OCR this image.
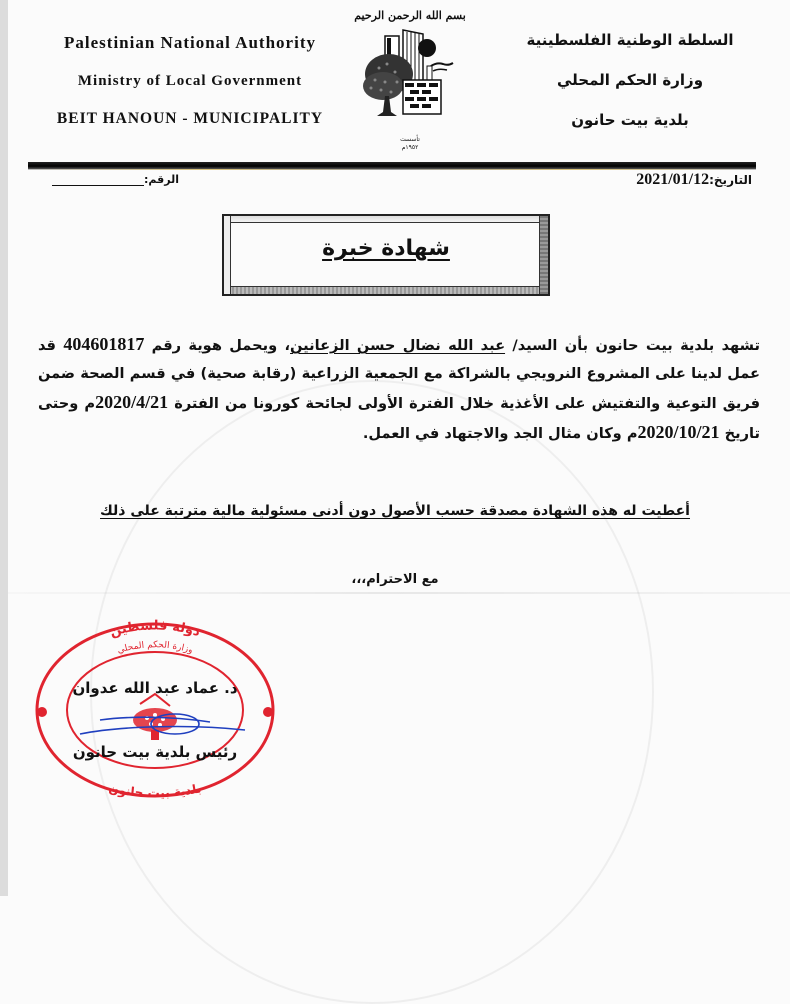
Palestinian National Authority
Ministry of Local Government
BEIT HANOUN - MUNICIPALITY
بسم الله الرحمن الرحيم
تأسست
١٩٥٢م
السلطة الوطنية الفلسطينية
وزارة الحكم المحلي
بلدية بيت حانون
التاريخ:2021/01/12
الرقم:
شهادة خبرة
تشهد بلدية بيت حانون بأن السيد/ عبد الله نضال حسن الزعانين، ويحمل هوية رقم 404601817 قد عمل لدينا على المشروع النرويجي بالشراكة مع الجمعية الزراعية (رقابة صحية) في قسم الصحة ضمن فريق التوعية والتفتيش على الأغذية خلال الفترة الأولى لجائحة كورونا من الفترة 2020/4/21م وحتى تاريخ 2020/10/21م وكان مثال الجد والاجتهاد في العمل.
أعطيت له هذه الشهادة مصدقة حسب الأصول دون أدنى مسئولية مالية مترتبة على ذلك
مع الاحترام،،،
دولة فلسطين
وزارة الحكم المحلي
بلدية بيت حانون
د. عماد عبد الله عدوان
رئيس بلدية بيت حانون
